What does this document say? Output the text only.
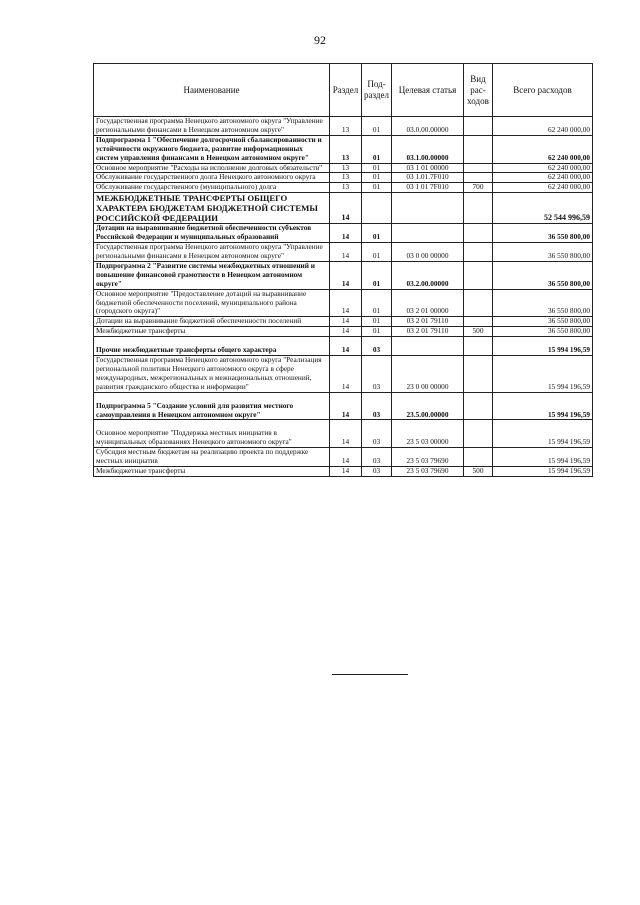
92
Наименование	Раздел	Под-раздел	Целевая статья	Вид рас-ходов	Всего расходов
Государственная программа Ненецкого автономного округа "Управление региональными финансами в Ненецком автономном округе"	13	01	03.0.00.00000		62 240 000,00
Подпрограмма 1 "Обеспечение долгосрочной сбалансированности и устойчивости окружного бюджета, развитие информационных систем управления финансами в Ненецком автономном округе"	13	01	03.1.00.00000		62 240 000,00
Основное мероприятие "Расходы на исполнение долговых обязательств"	13	01	03 1 01 00000		62 240 000,00
Обслуживание государственного долга Ненецкого автономного округа	13	01	03 1.01.7F010		62 240 000,00
Обслуживание государственного (муниципального) долга	13	01	03 1 01 7F010	700	62 240 000,00
МЕЖБЮДЖЕТНЫЕ ТРАНСФЕРТЫ ОБЩЕГО ХАРАКТЕРА БЮДЖЕТАМ БЮДЖЕТНОЙ СИСТЕМЫ РОССИЙСКОЙ ФЕДЕРАЦИИ	14				52 544 996,59
Дотации на выравнивание бюджетной обеспеченности субъектов Российской Федерации и муниципальных образований	14	01			36 550 800,00
Государственная программа Ненецкого автономного округа "Управление региональными финансами в Ненецком автономном округе"	14	01	03 0 00 00000		36 550 800,00
Подпрограмма 2 "Развитие системы межбюджетных отношений и повышение финансовой грамотности в Ненецком автономном округе"	14	01	03.2.00.00000		36 550 800,00
Основное мероприятие "Предоставление дотаций на выравнивание бюджетной обеспеченности поселений, муниципального района (городского округа)"	14	01	03 2 01 00000		36 550 800,00
Дотации на выравнивание бюджетной обеспеченности поселений	14	01	03 2 01 79110		36 550 800,00
Межбюджетные трансферты	14	01	03 2 01 79110	500	36 550 800,00
Прочие межбюджетные трансферты общего характера	14	03			15 994 196,59
Государственная программа Ненецкого автономного округа "Реализация региональной политики Ненецкого автономного округа в сфере международных, межрегиональных и межнациональных отношений, развития гражданского общества и информации"	14	03	23 0 00 00000		15 994 196,59
Подпрограмма 5 "Создание условий для развития местного самоуправления в Ненецком автономном округе"	14	03	23.5.00.00000		15 994 196,59
Основное мероприятие "Поддержка местных инициатив в муниципальных образованиях Ненецкого автономного округа"	14	03	23 5 03 00000		15 994 196,59
Субсидия местным бюджетам на реализацию проекта по поддержке местных инициатив	14	03	23 5 03 79690		15 994 196,59
Межбюджетные трансферты	14	03	23 5 03 79690	500	15 994 196,59
